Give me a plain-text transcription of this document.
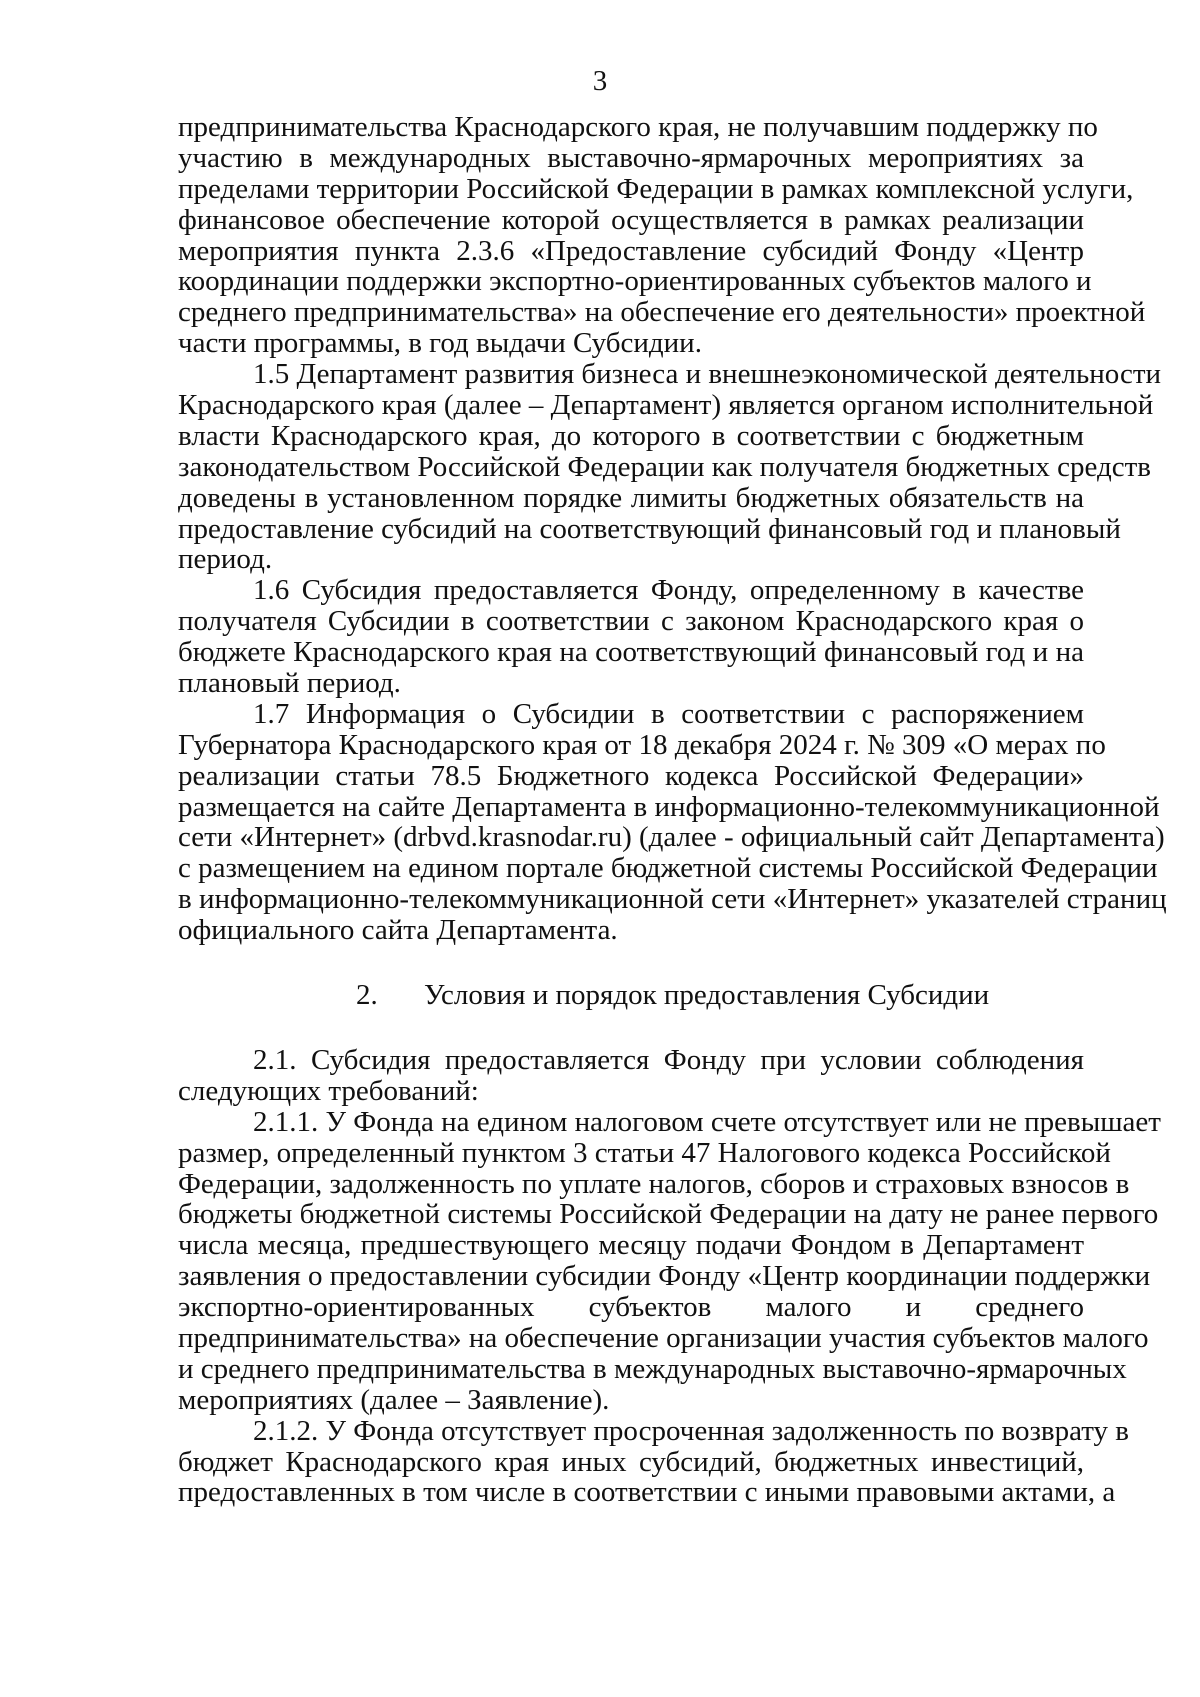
3
предпринимательства Краснодарского края, не получавшим поддержку по
участию в международных выставочно-ярмарочных мероприятиях за
пределами территории Российской Федерации в рамках комплексной услуги,
финансовое обеспечение которой осуществляется в рамках реализации
мероприятия пункта 2.3.6 «Предоставление субсидий Фонду «Центр
координации поддержки экспортно-ориентированных субъектов малого и
среднего предпринимательства» на обеспечение его деятельности» проектной
части программы, в год выдачи Субсидии.
1.5 Департамент развития бизнеса и внешнеэкономической деятельности
Краснодарского края (далее – Департамент) является органом исполнительной
власти Краснодарского края, до которого в соответствии с бюджетным
законодательством Российской Федерации как получателя бюджетных средств
доведены в установленном порядке лимиты бюджетных обязательств на
предоставление субсидий на соответствующий финансовый год и плановый
период.
1.6 Субсидия предоставляется Фонду, определенному в качестве
получателя Субсидии в соответствии с законом Краснодарского края о
бюджете Краснодарского края на соответствующий финансовый год и на
плановый период.
1.7 Информация о Субсидии в соответствии с распоряжением
Губернатора Краснодарского края от 18 декабря 2024 г. № 309 «О мерах по
реализации статьи 78.5 Бюджетного кодекса Российской Федерации»
размещается на сайте Департамента в информационно-телекоммуникационной
сети «Интернет» (drbvd.krasnodar.ru) (далее - официальный сайт Департамента)
с размещением на едином портале бюджетной системы Российской Федерации
в информационно-телекоммуникационной сети «Интернет» указателей страниц
официального сайта Департамента.
2. Условия и порядок предоставления Субсидии
2.1. Субсидия предоставляется Фонду при условии соблюдения
следующих требований:
2.1.1. У Фонда на едином налоговом счете отсутствует или не превышает
размер, определенный пунктом 3 статьи 47 Налогового кодекса Российской
Федерации, задолженность по уплате налогов, сборов и страховых взносов в
бюджеты бюджетной системы Российской Федерации на дату не ранее первого
числа месяца, предшествующего месяцу подачи Фондом в Департамент
заявления о предоставлении субсидии Фонду «Центр координации поддержки
экспортно-ориентированных субъектов малого и среднего
предпринимательства» на обеспечение организации участия субъектов малого
и среднего предпринимательства в международных выставочно-ярмарочных
мероприятиях (далее – Заявление).
2.1.2. У Фонда отсутствует просроченная задолженность по возврату в
бюджет Краснодарского края иных субсидий, бюджетных инвестиций,
предоставленных в том числе в соответствии с иными правовыми актами, а
